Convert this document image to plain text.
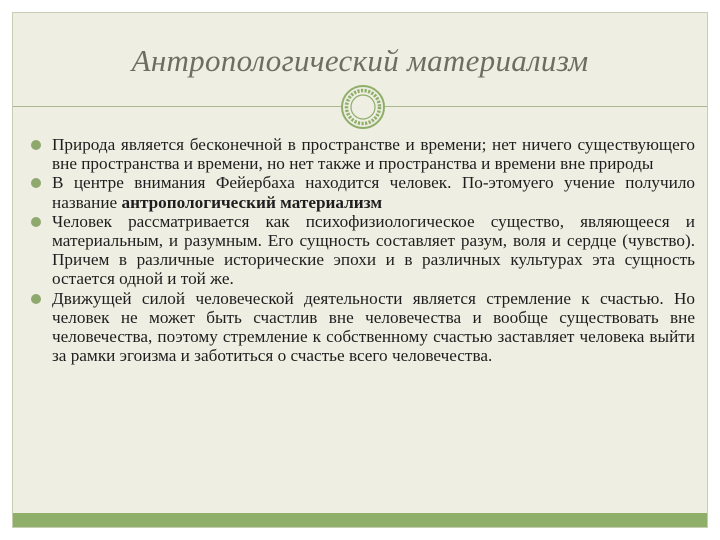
Антропологический материализм
Природа является бесконечной в пространстве и времени; нет ничего существующего вне пространства и времени, но нет также и пространства и времени вне природы
В центре внимания Фейербаха находится человек. По-этомуего учение получило название антропологический материализм
Человек рассматривается как психофизиологическое существо, являющееся и материальным, и разумным. Его сущность составляет разум, воля и сердце (чувство). Причем в различные исторические эпохи и в различных культурах эта сущность остается одной и той же.
Движущей силой человеческой деятельности является стремление к счастью. Но человек не может быть счастлив вне человечества и вообще существовать вне человечества, поэтому стремление к собственному счастью заставляет человека выйти за рамки эгоизма и заботиться о счастье всего человечества.
